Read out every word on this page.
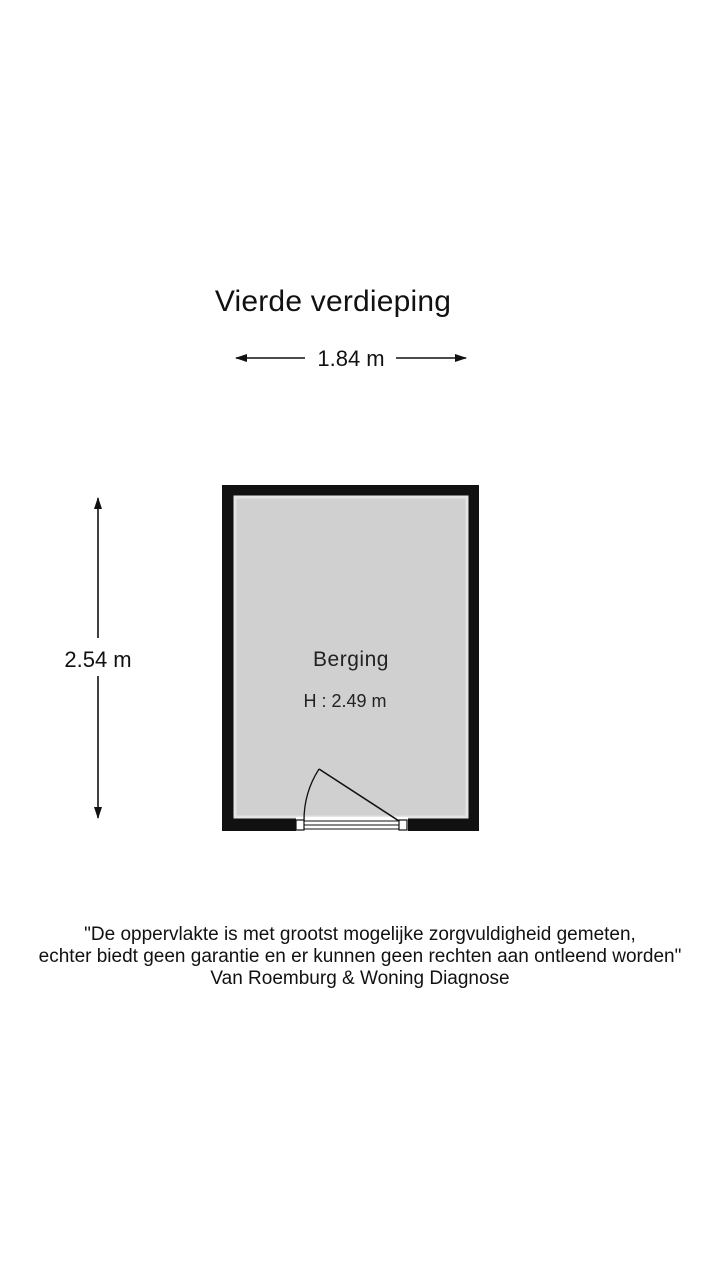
Vierde verdieping
1.84 m
2.54 m	Berging
H : 2.49 m
"De oppervlakte is met grootst mogelijke zorgvuldigheid gemeten,
echter biedt geen garantie en er kunnen geen rechten aan ontleend worden"
Van Roemburg & Woning Diagnose
